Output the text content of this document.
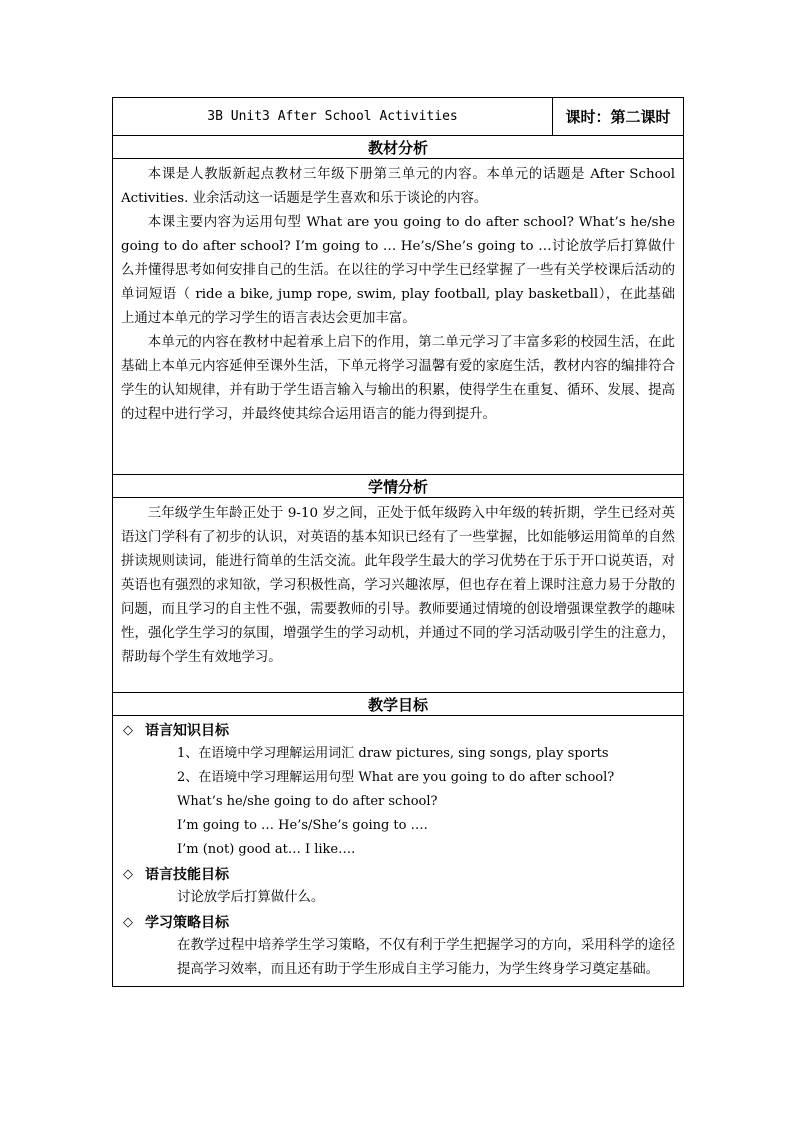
3B Unit3 After School Activities	课时：第二课时
教材分析

本课是人教版新起点教材三年级下册第三单元的内容。本单元的话题是 After School Activities. 业余活动这一话题是学生喜欢和乐于谈论的内容。

本课主要内容为运用句型 What are you going to do after school? What’s he/she going to do after school? I’m going to … He’s/She’s going to …讨论放学后打算做什么并懂得思考如何安排自己的生活。在以往的学习中学生已经掌握了一些有关学校课后活动的单词短语（ ride a bike, jump rope, swim, play football, play basketball），在此基础上通过本单元的学习学生的语言表达会更加丰富。

本单元的内容在教材中起着承上启下的作用，第二单元学习了丰富多彩的校园生活，在此基础上本单元内容延伸至课外生活，下单元将学习温馨有爱的家庭生活，教材内容的编排符合学生的认知规律，并有助于学生语言输入与输出的积累，使得学生在重复、循环、发展、提高的过程中进行学习，并最终使其综合运用语言的能力得到提升。

学情分析

三年级学生年龄正处于 9-10 岁之间，正处于低年级跨入中年级的转折期，学生已经对英语这门学科有了初步的认识，对英语的基本知识已经有了一些掌握，比如能够运用简单的自然拼读规则读词，能进行简单的生活交流。此年段学生最大的学习优势在于乐于开口说英语，对英语也有强烈的求知欲，学习积极性高，学习兴趣浓厚，但也存在着上课时注意力易于分散的问题，而且学习的自主性不强，需要教师的引导。教师要通过情境的创设增强课堂教学的趣味性，强化学生学习的氛围，增强学生的学习动机，并通过不同的学习活动吸引学生的注意力，帮助每个学生有效地学习。

教学目标
◇ 语言知识目标
1、在语境中学习理解运用词汇 draw pictures, sing songs, play sports
2、在语境中学习理解运用句型 What are you going to do after school?
What’s he/she going to do after school?
I’m going to … He’s/She’s going to ….
I’m (not) good at… I like….
◇ 语言技能目标
讨论放学后打算做什么。
◇ 学习策略目标
在教学过程中培养学生学习策略，不仅有利于学生把握学习的方向，采用科学的途径提高学习效率，而且还有助于学生形成自主学习能力，为学生终身学习奠定基础。
